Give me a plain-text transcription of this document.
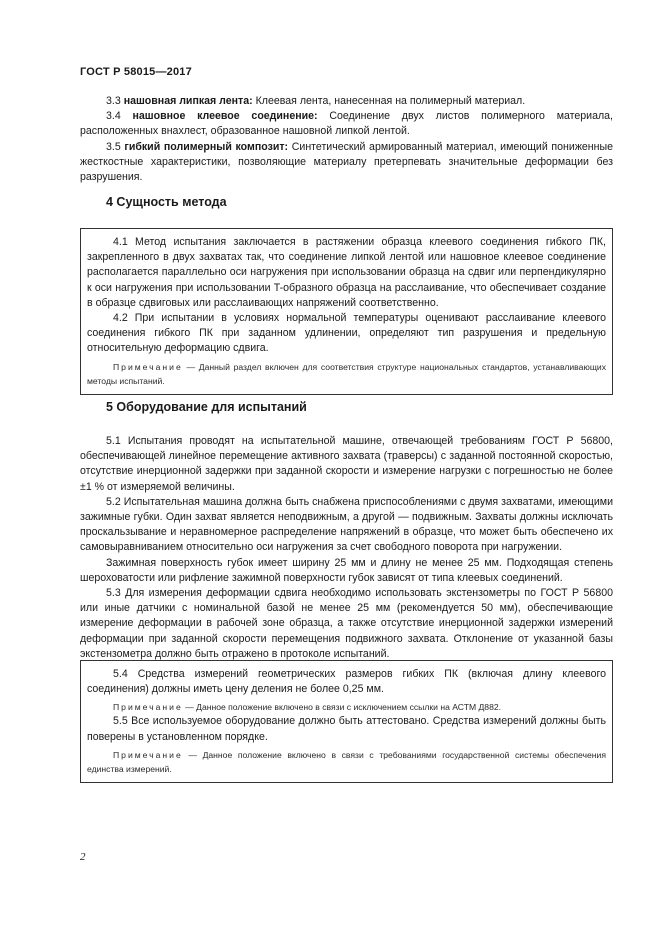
ГОСТ Р 58015—2017

3.3 нашовная липкая лента: Клеевая лента, нанесенная на полимерный материал.

3.4 нашовное клеевое соединение: Соединение двух листов полимерного материала, расположенных внахлест, образованное нашовной липкой лентой.

3.5 гибкий полимерный композит: Синтетический армированный материал, имеющий пониженные жесткостные характеристики, позволяющие материалу претерпевать значительные деформации без разрушения.

4 Сущность метода

4.1 Метод испытания заключается в растяжении образца клеевого соединения гибкого ПК, закрепленного в двух захватах так, что соединение липкой лентой или нашовное клеевое соединение располагается параллельно оси нагружения при использовании образца на сдвиг или перпендикулярно к оси нагружения при использовании T-образного образца на расслаивание, что обеспечивает создание в образце сдвиговых или расслаивающих напряжений соответственно.

4.2 При испытании в условиях нормальной температуры оценивают расслаивание клеевого соединения гибкого ПК при заданном удлинении, определяют тип разрушения и предельную относительную деформацию сдвига.

Примечание — Данный раздел включен для соответствия структуре национальных стандартов, устанавливающих методы испытаний.

5 Оборудование для испытаний

5.1 Испытания проводят на испытательной машине, отвечающей требованиям ГОСТ Р 56800, обеспечивающей линейное перемещение активного захвата (траверсы) с заданной постоянной скоростью, отсутствие инерционной задержки при заданной скорости и измерение нагрузки с погрешностью не более ±1 % от измеряемой величины.

5.2 Испытательная машина должна быть снабжена приспособлениями с двумя захватами, имеющими зажимные губки. Один захват является неподвижным, а другой — подвижным. Захваты должны исключать проскальзывание и неравномерное распределение напряжений в образце, что может быть обеспечено их самовыравниванием относительно оси нагружения за счет свободного поворота при нагружении.

Зажимная поверхность губок имеет ширину 25 мм и длину не менее 25 мм. Подходящая степень шероховатости или рифление зажимной поверхности губок зависят от типа клеевых соединений.

5.3 Для измерения деформации сдвига необходимо использовать экстензометры по ГОСТ Р 56800 или иные датчики с номинальной базой не менее 25 мм (рекомендуется 50 мм), обеспечивающие измерение деформации в рабочей зоне образца, а также отсутствие инерционной задержки измерений деформации при заданной скорости перемещения подвижного захвата. Отклонение от указанной базы экстензометра должно быть отражено в протоколе испытаний.

5.4 Средства измерений геометрических размеров гибких ПК (включая длину клеевого соединения) должны иметь цену деления не более 0,25 мм.

Примечание — Данное положение включено в связи с исключением ссылки на АСТМ Д882.

5.5 Все используемое оборудование должно быть аттестовано. Средства измерений должны быть поверены в установленном порядке.

Примечание — Данное положение включено в связи с требованиями государственной системы обеспечения единства измерений.

2
